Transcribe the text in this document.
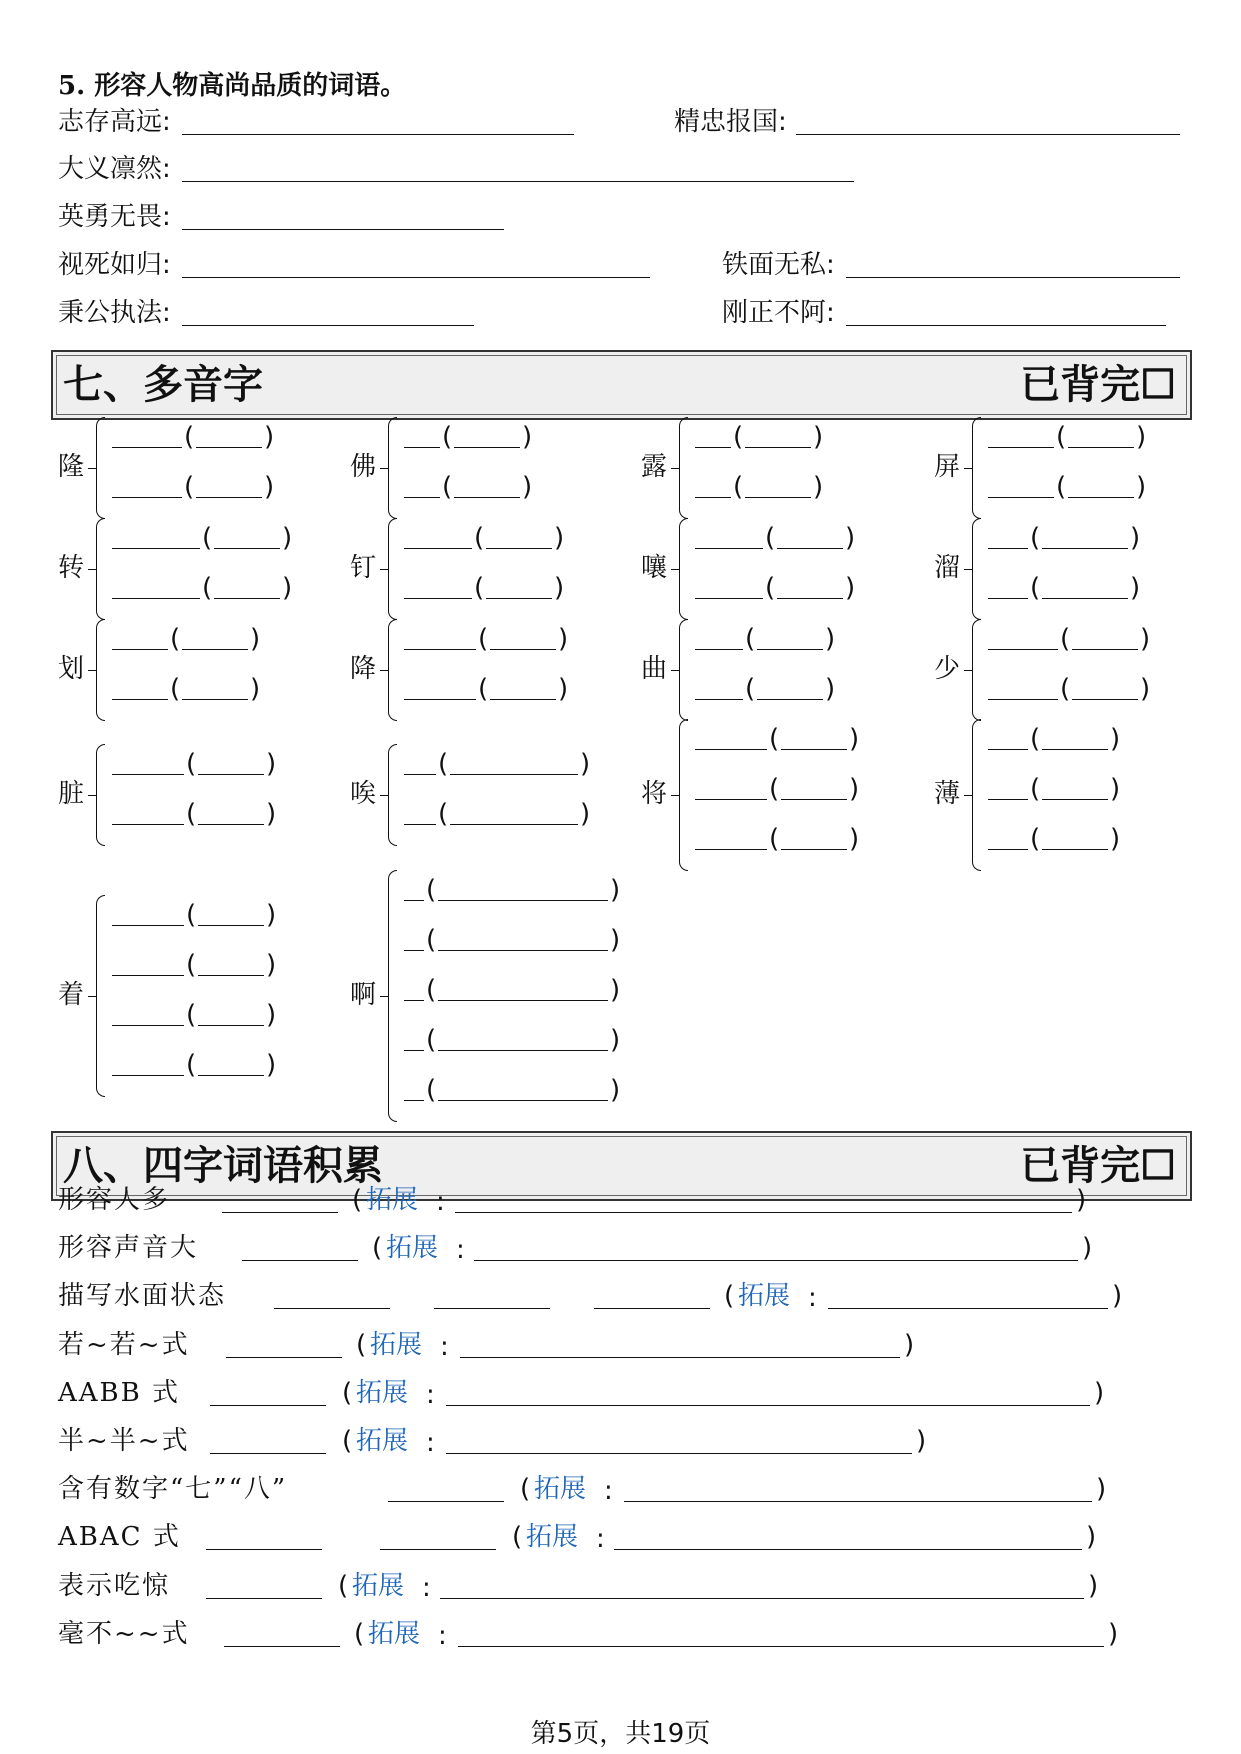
5. 形容人物高尚品质的词语。
志存高远:	精忠报国:
大义凛然:
英勇无畏:
视死如归:	铁面无私:
秉公执法:	刚正不阿:
七、多音字	已背完☐
隆
(	)
(	)
佛
(	)
(	)
露
(	)
(	)
屏
(	)
(	)
转
(	)
(	)
钉
(	)
(	)
嚷
(	)
(	)
溜
(	)
(	)
划
(	)
(	)
降
(	)
(	)
曲
(	)
(	)
少
(	)
(	)
脏
(	)
(	)
唉
(	)
(	)
将
(	)
(	)
(	)
薄
(	)
(	)
(	)
着
(	)
(	)
(	)
(	)
啊
(	)
(	)
(	)
(	)
(	)
八、四字词语积累	已背完☐
形容人多	( 拓展 :	)
形容声音大	( 拓展 :	)
描写水面状态	( 拓展 :	)
若~若~式	( 拓展 :	)
AABB 式	( 拓展 :	)
半~半~式	( 拓展 :	)
含有数字“七”“八”	( 拓展 :	)
ABAC 式	( 拓展 :	)
表示吃惊	( 拓展 :	)
毫不~~式	( 拓展 :	)
第5页，共19页
